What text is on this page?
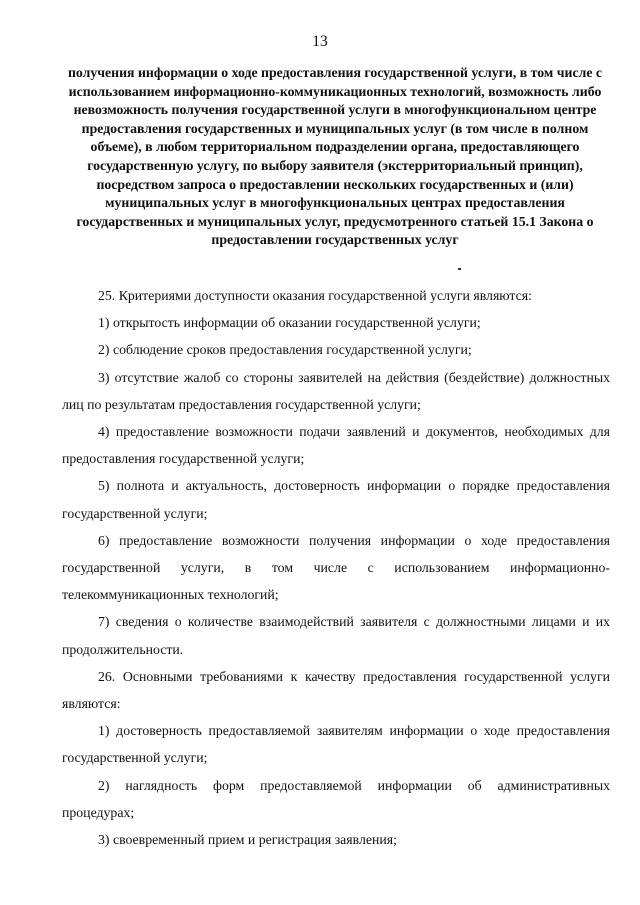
13
получения информации о ходе предоставления государственной услуги, в том числе с использованием информационно-коммуникационных технологий, возможность либо невозможность получения государственной услуги в многофункциональном центре предоставления государственных и муниципальных услуг (в том числе в полном объеме), в любом территориальном подразделении органа, предоставляющего государственную услугу, по выбору заявителя (экстерриториальный принцип), посредством запроса о предоставлении нескольких государственных и (или) муниципальных услуг в многофункциональных центрах предоставления государственных и муниципальных услуг, предусмотренного статьей 15.1 Закона о предоставлении государственных услуг

25. Критериями доступности оказания государственной услуги являются:

1) открытость информации об оказании государственной услуги;

2) соблюдение сроков предоставления государственной услуги;

3) отсутствие жалоб со стороны заявителей на действия (бездействие) должностных лиц по результатам предоставления государственной услуги;

4) предоставление возможности подачи заявлений и документов, необходимых для предоставления государственной услуги;

5) полнота и актуальность, достоверность информации о порядке предоставления государственной услуги;

6) предоставление возможности получения информации о ходе предоставления государственной услуги, в том числе с использованием информационно-телекоммуникационных технологий;

7) сведения о количестве взаимодействий заявителя с должностными лицами и их продолжительности.

26. Основными требованиями к качеству предоставления государственной услуги являются:

1) достоверность предоставляемой заявителям информации о ходе предоставления государственной услуги;

2) наглядность форм предоставляемой информации об административных процедурах;

3) своевременный прием и регистрация заявления;
